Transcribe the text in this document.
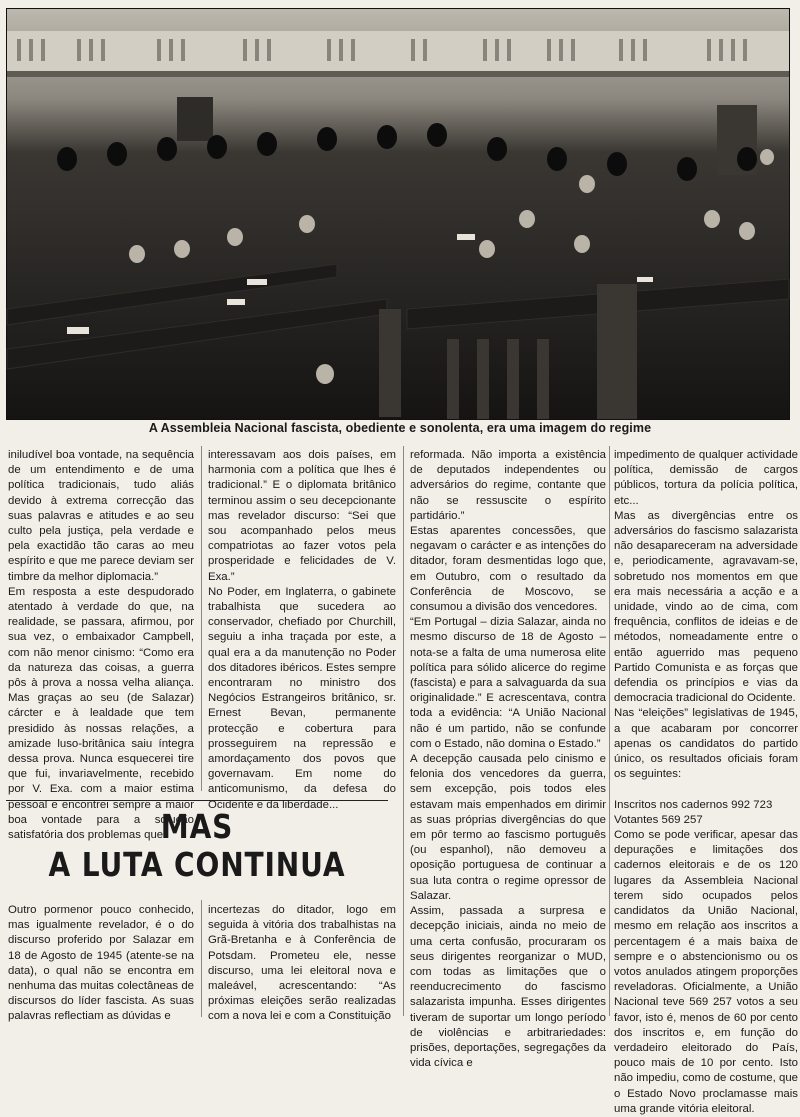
A Assembleia Nacional fascista, obediente e sonolenta, era uma imagem do regime
iniludível boa vontade, na sequência de um entendimento e de uma política tradicionais, tudo aliás devido à extrema correcção das suas palavras e atitudes e ao seu culto pela justiça, pela verdade e pela exactidão tão caras ao meu espírito e que me parece deviam ser timbre da melhor diplomacia.”
Em resposta a este despudorado atentado à verdade do que, na realidade, se passara, afirmou, por sua vez, o embaixador Campbell, com não menor cinismo: “Como era da natureza das coisas, a guerra pôs à prova a nossa velha aliança. Mas graças ao seu (de Salazar) cárcter e à lealdade que tem presidido às nossas relações, a amizade luso-britânica saiu íntegra dessa prova. Nunca esquecerei tire que fui, invariavelmente, recebido por V. Exa. com a maior estima pessoal e encontrei sempre a maior boa vontade para a solução satisfatória dos problemas que
interessavam aos dois países, em harmonia com a política que lhes é tradicional.” E o diplomata britânico terminou assim o seu decepcionante mas revelador discurso: “Sei que sou acompanhado pelos meus compatriotas ao fazer votos pela prosperidade e felicidades de V. Exa.”
No Poder, em Inglaterra, o gabinete trabalhista que sucedera ao conservador, chefiado por Churchill, seguiu a inha traçada por este, a qual era a da manutenção no Poder dos ditadores ibéricos. Estes sempre encontraram no ministro dos Negócios Estrangeiros britânico, sr. Ernest Bevan, permanente protecção e cobertura para prosseguirem na repressão e amordaçamento dos povos que governavam. Em nome do anticomunismo, da defesa do Ocidente e da liberdade...
reformada. Não importa a existência de deputados independentes ou adversários do regime, contante que não se ressuscite o espírito partidário.”
Estas aparentes concessões, que negavam o carácter e as intenções do ditador, foram desmentidas logo que, em Outubro, com o resultado da Conferência de Moscovo, se consumou a divisão dos vencedores.
“Em Portugal – dizia Salazar, ainda no mesmo discurso de 18 de Agosto – nota-se a falta de uma numerosa elite política para sólido alicerce do regime (fascista) e para a salvaguarda da sua originalidade.” E acrescentava, contra toda a evidência: “A União Nacional não é um partido, não se confunde com o Estado, não domina o Estado.”
A decepção causada pelo cinismo e felonia dos vencedores da guerra, sem excepção, pois todos eles estavam mais empenhados em dirimir as suas próprias divergências do que em pôr termo ao fascismo português (ou espanhol), não demoveu a oposição portuguesa de continuar a sua luta contra o regime opressor de Salazar.
Assim, passada a surpresa e decepção iniciais, ainda no meio de uma certa confusão, procuraram os seus dirigentes reorganizar o MUD, com todas as limitações que o reenducrecimento do fascismo salazarista impunha. Esses dirigentes tiveram de suportar um longo período de violências e arbitrariedades: prisões, deportações, segregações da vida cívica e
impedimento de qualquer actividade política, demissão de cargos públicos, tortura da polícia política, etc...
Mas as divergências entre os adversários do fascismo salazarista não desapareceram na adversidade e, periodicamente, agravavam-se, sobretudo nos momentos em que era mais necessária a acção e a unidade, vindo ao de cima, com frequência, conflitos de ideias e de métodos, nomeadamente entre o então aguerrido mas pequeno Partido Comunista e as forças que defendia os princípios e vias da democracia tradicional do Ocidente.
Nas “eleições” legislativas de 1945, a que acabaram por concorrer apenas os candidatos do partido único, os resultados oficiais foram os seguintes:

Inscritos nos cadernos 992 723
Votantes 569 257
Como se pode verificar, apesar das depurações e limitações dos cadernos eleitorais e de os 120 lugares da Assembleia Nacional terem sido ocupados pelos candidatos da União Nacional, mesmo em relação aos inscritos a percentagem é a mais baixa de sempre e o abstencionismo ou os votos anulados atingem proporções reveladoras. Oficialmente, a União Nacional teve 569 257 votos a seu favor, isto é, menos de 60 por cento dos inscritos e, em função do verdadeiro eleitorado do País, pouco mais de 10 por cento. Isto não impediu, como de costume, que o Estado Novo proclamasse mais uma grande vitória eleitoral.
MAS
A LUTA CONTINUA
Outro pormenor pouco conhecido, mas igualmente revelador, é o do discurso proferido por Salazar em 18 de Agosto de 1945 (atente-se na data), o qual não se encontra em nenhuma das muitas colectâneas de discursos do líder fascista. As suas palavras reflectiam as dúvidas e
incertezas do ditador, logo em seguida à vitória dos trabalhistas na Grã-Bretanha e à Conferência de Potsdam. Prometeu ele, nesse discurso, uma lei eleitoral nova e maleável, acrescentando: “As próximas eleições serão realizadas com a nova lei e com a Constituição
